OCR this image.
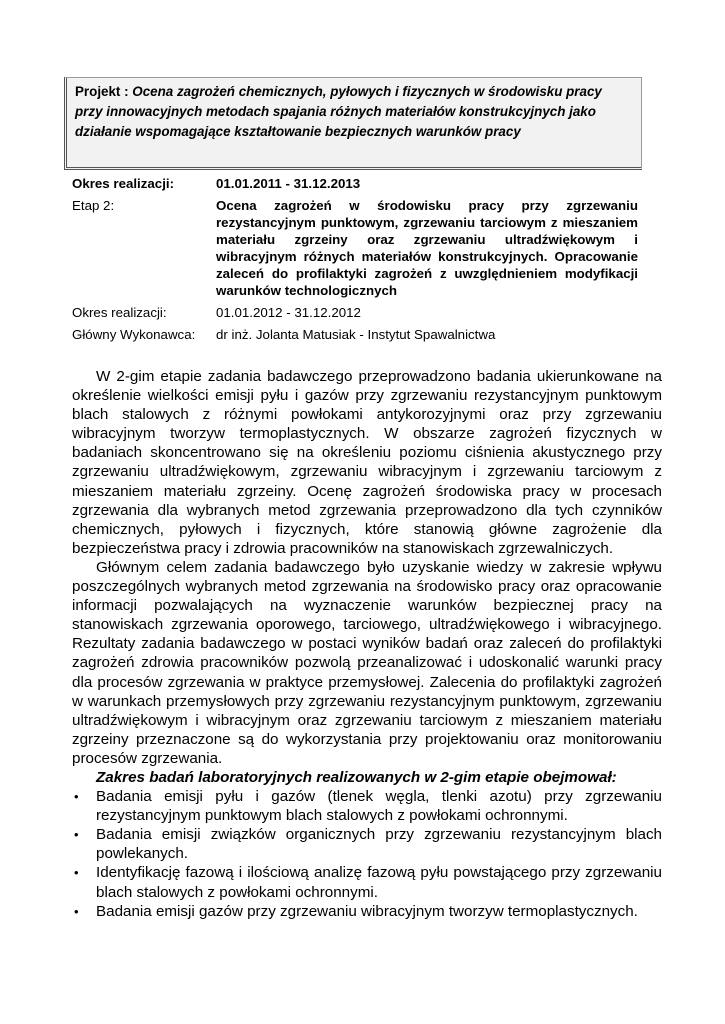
Projekt : Ocena zagrożeń chemicznych, pyłowych i fizycznych w środowisku pracy przy innowacyjnych metodach spajania różnych materiałów konstrukcyjnych jako działanie wspomagające kształtowanie bezpiecznych warunków pracy
Okres realizacji:	01.01.2011 - 31.12.2013
Etap 2:	Ocena zagrożeń w środowisku pracy przy zgrzewaniu rezystancyjnym punktowym, zgrzewaniu tarciowym z mieszaniem materiału zgrzeiny oraz zgrzewaniu ultradźwiękowym i wibracyjnym różnych materiałów konstrukcyjnych. Opracowanie zaleceń do profilaktyki zagrożeń z uwzględnieniem modyfikacji warunków technologicznych
Okres realizacji:	01.01.2012 - 31.12.2012
Główny Wykonawca:	dr inż. Jolanta Matusiak - Instytut Spawalnictwa

W 2-gim etapie zadania badawczego przeprowadzono badania ukierunkowane na określenie wielkości emisji pyłu i gazów przy zgrzewaniu rezystancyjnym punktowym blach stalowych z różnymi powłokami antykorozyjnymi oraz przy zgrzewaniu wibracyjnym tworzyw termoplastycznych. W obszarze zagrożeń fizycznych w badaniach skoncentrowano się na określeniu poziomu ciśnienia akustycznego przy zgrzewaniu ultradźwiękowym, zgrzewaniu wibracyjnym i zgrzewaniu tarciowym z mieszaniem materiału zgrzeiny. Ocenę zagrożeń środowiska pracy w procesach zgrzewania dla wybranych metod zgrzewania przeprowadzono dla tych czynników chemicznych, pyłowych i fizycznych, które stanowią główne zagrożenie dla bezpieczeństwa pracy i zdrowia pracowników na stanowiskach zgrzewalniczych.

Głównym celem zadania badawczego było uzyskanie wiedzy w zakresie wpływu poszczególnych wybranych metod zgrzewania na środowisko pracy oraz opracowanie informacji pozwalających na wyznaczenie warunków bezpiecznej pracy na stanowiskach zgrzewania oporowego, tarciowego, ultradźwiękowego i wibracyjnego. Rezultaty zadania badawczego w postaci wyników badań oraz zaleceń do profilaktyki zagrożeń zdrowia pracowników pozwolą przeanalizować i udoskonalić warunki pracy dla procesów zgrzewania w praktyce przemysłowej. Zalecenia do profilaktyki zagrożeń w warunkach przemysłowych przy zgrzewaniu rezystancyjnym punktowym, zgrzewaniu ultradźwiękowym i wibracyjnym oraz zgrzewaniu tarciowym z mieszaniem materiału zgrzeiny przeznaczone są do wykorzystania przy projektowaniu oraz monitorowaniu procesów zgrzewania.

Zakres badań laboratoryjnych realizowanych w 2-gim etapie obejmował:

•	Badania emisji pyłu i gazów (tlenek węgla, tlenki azotu) przy zgrzewaniu rezystancyjnym punktowym blach stalowych z powłokami ochronnymi.
•	Badania emisji związków organicznych przy zgrzewaniu rezystancyjnym blach powlekanych.
•	Identyfikację fazową i ilościową analizę fazową pyłu powstającego przy zgrzewaniu blach stalowych z powłokami ochronnymi.
•	Badania emisji gazów przy zgrzewaniu wibracyjnym tworzyw termoplastycznych.
